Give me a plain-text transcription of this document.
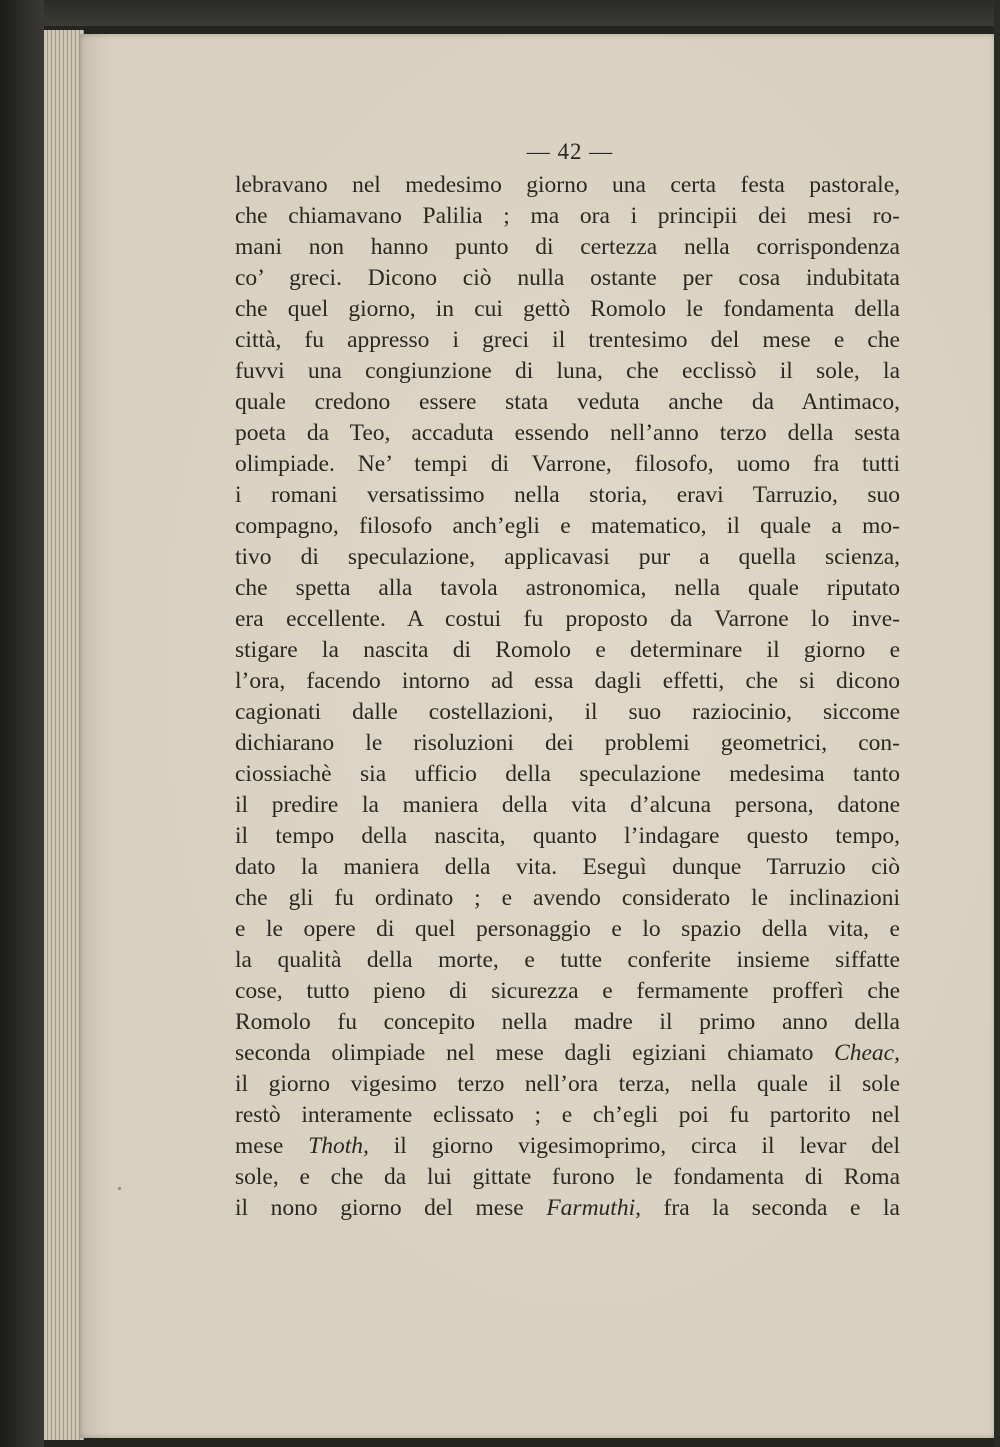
— 42 —
lebravano nel medesimo giorno una certa festa pastorale,
che chiamavano Palilia ; ma ora i principii dei mesi ro-
mani non hanno punto di certezza nella corrispondenza
co’ greci. Dicono ciò nulla ostante per cosa indubitata
che quel giorno, in cui gettò Romolo le fondamenta della
città, fu appresso i greci il trentesimo del mese e che
fuvvi una congiunzione di luna, che ecclissò il sole, la
quale credono essere stata veduta anche da Antimaco,
poeta da Teo, accaduta essendo nell’anno terzo della sesta
olimpiade. Ne’ tempi di Varrone, filosofo, uomo fra tutti
i romani versatissimo nella storia, eravi Tarruzio, suo
compagno, filosofo anch’egli e matematico, il quale a mo-
tivo di speculazione, applicavasi pur a quella scienza,
che spetta alla tavola astronomica, nella quale riputato
era eccellente. A costui fu proposto da Varrone lo inve-
stigare la nascita di Romolo e determinare il giorno e
l’ora, facendo intorno ad essa dagli effetti, che si dicono
cagionati dalle costellazioni, il suo raziocinio, siccome
dichiarano le risoluzioni dei problemi geometrici, con-
ciossiachè sia ufficio della speculazione medesima tanto
il predire la maniera della vita d’alcuna persona, datone
il tempo della nascita, quanto l’indagare questo tempo,
dato la maniera della vita. Eseguì dunque Tarruzio ciò
che gli fu ordinato ; e avendo considerato le inclinazioni
e le opere di quel personaggio e lo spazio della vita, e
la qualità della morte, e tutte conferite insieme siffatte
cose, tutto pieno di sicurezza e fermamente profferì che
Romolo fu concepito nella madre il primo anno della
seconda olimpiade nel mese dagli egiziani chiamato Cheac,
il giorno vigesimo terzo nell’ora terza, nella quale il sole
restò interamente eclissato ; e ch’egli poi fu partorito nel
mese Thoth, il giorno vigesimoprimo, circa il levar del
sole, e che da lui gittate furono le fondamenta di Roma
il nono giorno del mese Farmuthi, fra la seconda e la
